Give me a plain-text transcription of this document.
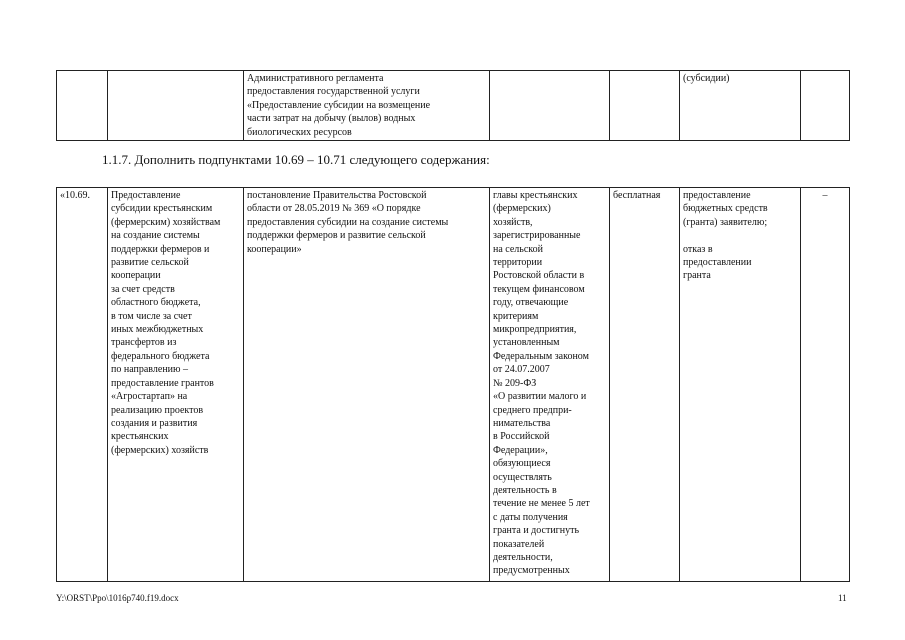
		Административного регламента
предоставления государственной услуги
«Предоставление субсидии на возмещение
части затрат на добычу (вылов) водных
биологических ресурсов			(субсидии)	
1.1.7. Дополнить подпунктами 10.69 – 10.71 следующего содержания:
«10.69.	Предоставление
субсидии крестьянским
(фермерским) хозяйствам
на создание системы
поддержки фермеров и
развитие сельской
кооперации
за счет средств
областного бюджета,
в том числе за счет
иных межбюджетных
трансфертов из
федерального бюджета
по направлению –
предоставление грантов
«Агростартап» на
реализацию проектов
создания и развития
крестьянских
(фермерских) хозяйств	постановление Правительства Ростовской
области от 28.05.2019 № 369 «О порядке
предоставления субсидии на создание системы
поддержки фермеров и развитие сельской
кооперации»	главы крестьянских
(фермерских)
хозяйств,
зарегистрированные
на сельской
территории
Ростовской области в
текущем финансовом
году, отвечающие
критериям
микропредприятия,
установленным
Федеральным законом
от 24.07.2007
№ 209-ФЗ
«О развитии малого и
среднего предпри-
нимательства
в Российской
Федерации»,
обязующиеся
осуществлять
деятельность в
течение не менее 5 лет
с даты получения
гранта и достигнуть
показателей
деятельности,
предусмотренных	бесплатная	предоставление
бюджетных средств
(гранта) заявителю;

отказ в
предоставлении
гранта	–
Y:\ORST\Ppo\1016p740.f19.docx	11
